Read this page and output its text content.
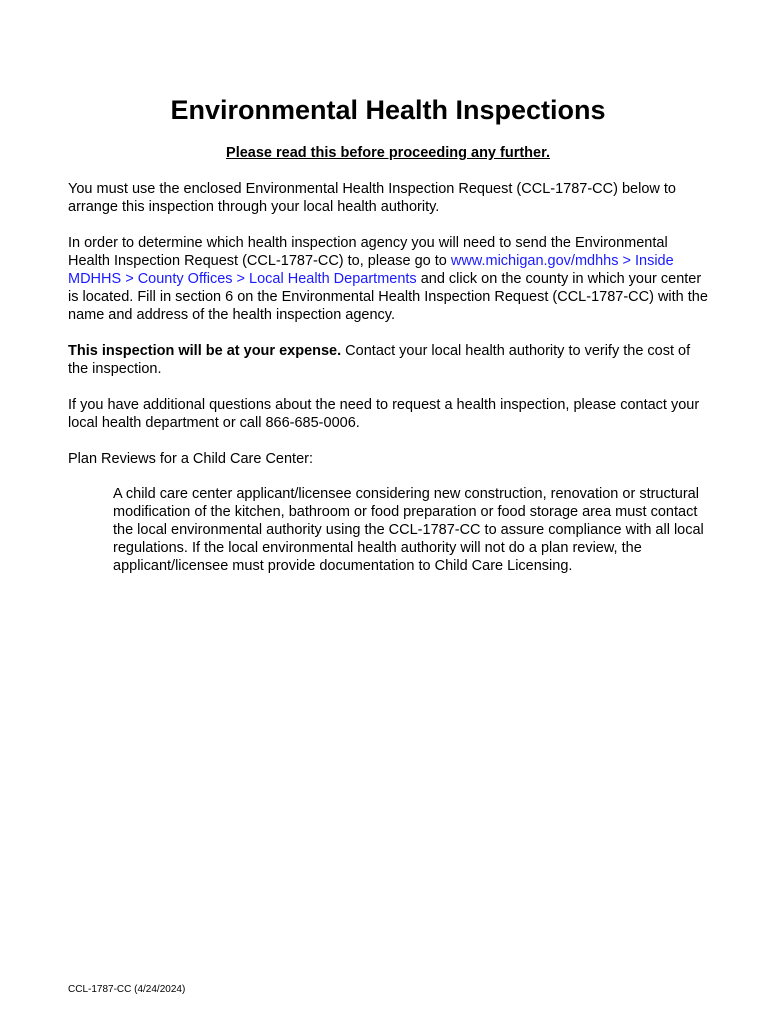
Environmental Health Inspections

Please read this before proceeding any further.

You must use the enclosed Environmental Health Inspection Request (CCL-1787-CC) below to arrange this inspection through your local health authority.

In order to determine which health inspection agency you will need to send the Environmental Health Inspection Request (CCL-1787-CC) to, please go to www.michigan.gov/mdhhs > Inside MDHHS > County Offices > Local Health Departments and click on the county in which your center is located. Fill in section 6 on the Environmental Health Inspection Request (CCL-1787-CC) with the name and address of the health inspection agency.

This inspection will be at your expense. Contact your local health authority to verify the cost of the inspection.

If you have additional questions about the need to request a health inspection, please contact your local health department or call 866-685-0006.

Plan Reviews for a Child Care Center:

A child care center applicant/licensee considering new construction, renovation or structural modification of the kitchen, bathroom or food preparation or food storage area must contact the local environmental authority using the CCL-1787-CC to assure compliance with all local regulations. If the local environmental health authority will not do a plan review, the applicant/licensee must provide documentation to Child Care Licensing.

CCL-1787-CC (4/24/2024)
